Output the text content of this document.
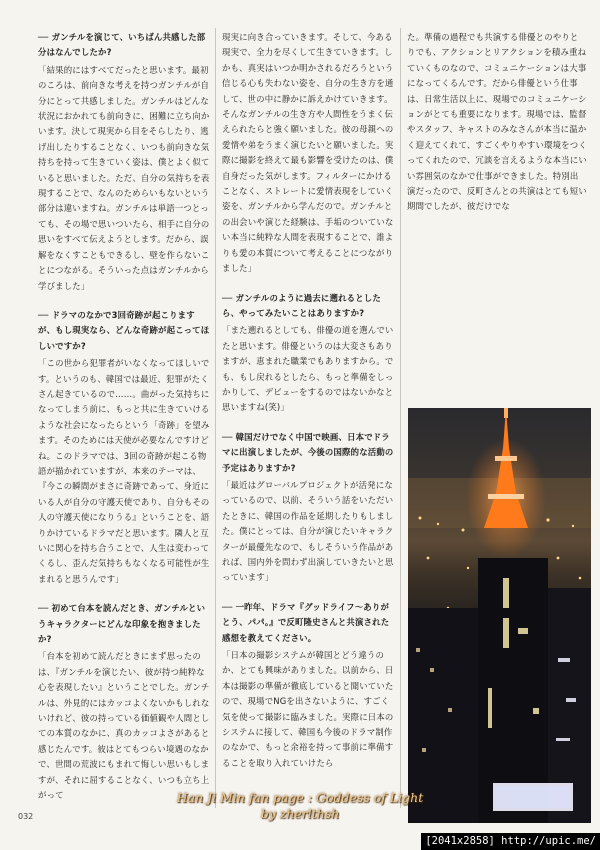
── ガンチルを演じて、いちばん共感した部分はなんでしたか?

「結果的にはすべてだったと思います。最初のころは、前向きな考えを持つガンチルが自分にとって共感しました。ガンチルはどんな状況におかれても前向きに、困難に立ち向かいます。決して現実から目をそらしたり、逃げ出したりすることなく、いつも前向きな気持ちを持って生きていく姿は、僕とよく似ていると思いました。ただ、自分の気持ちを表現することで、なんのためらいもないという部分は違いますね。ガンチルは単語一つとっても、その場で思いついたら、相手に自分の思いをすべて伝えようとします。だから、誤解をなくすこともできるし、壁を作らないことにつながる。そういった点はガンチルから学びました」

── ドラマのなかで3回奇跡が起こりますが、もし現実なら、どんな奇跡が起こってほしいですか?

「この世から犯罪者がいなくなってほしいです。というのも、韓国では最近、犯罪がたくさん起きているので……。曲がった気持ちになってしまう前に、もっと共に生きていけるような社会になったらという「奇跡」を望みます。そのためには天使が必要なんですけどね。このドラマでは、3回の奇跡が起こる物語が描かれていますが、本来のテーマは、『今この瞬間がまさに奇跡であって、身近にいる人が自分の守護天使であり、自分もその人の守護天使になりうる』ということを、語りかけているドラマだと思います。隣人と互いに関心を持ち合うことで、人生は変わってくるし、歪んだ気持ちもなくなる可能性が生まれると思うんです」

── 初めて台本を読んだとき、ガンチルというキャラクターにどんな印象を抱きましたか?

「台本を初めて読んだときにまず思ったのは、『ガンチルを演じたい、彼が持つ純粋な心を表現したい』ということでした。ガンチルは、外見的にはカッコよくないかもしれないけれど、彼の持っている価値観や人間としての本質のなかに、真のカッコよさがあると感じたんです。彼はとてもつらい境遇のなかで、世間の荒波にもまれて悔しい思いもしますが、それに屈することなく、いつも立ち上がって

現実に向き合っていきます。そして、今ある現実で、全力を尽くして生きていきます。しかも、真実はいつか明かされるだろうという信じる心も失わない姿を、自分の生き方を通して、世の中に静かに訴えかけていきます。そんなガンチルの生き方や人間性をうまく伝えられたらと強く願いました。彼の母親への愛情や弟をうまく演じたいと願いました。実際に撮影を終えて最も影響を受けたのは、僕自身だった気がします。フィルターにかけることなく、ストレートに愛情表現をしていく姿を、ガンチルから学んだので。ガンチルとの出会いや演じた経験は、手垢のついていない本当に純粋な人間を表現することで、誰よりも愛の本質について考えることにつながりました」

── ガンチルのように過去に遡れるとしたら、やってみたいことはありますか?

「また遡れるとしても、俳優の道を選んでいたと思います。俳優というのは大変さもありますが、恵まれた職業でもありますから。でも、もし戻れるとしたら、もっと準備をしっかりして、デビューをするのではないかなと思いますね(笑)」

── 韓国だけでなく中国で映画、日本でドラマに出演しましたが、今後の国際的な活動の予定はありますか?

「最近はグローバルプロジェクトが活発になっているので、以前、そういう話をいただいたときに、韓国の作品を延期したりもしました。僕にとっては、自分が演じたいキャラクターが最優先なので、もしそういう作品があれば、国内外を問わず出演していきたいと思っています」

── 一昨年、ドラマ『グッドライフ〜ありがとう、パパ。』で反町隆史さんと共演された感想を教えてください。

「日本の撮影システムが韓国とどう違うのか、とても興味がありました。以前から、日本は撮影の準備が徹底していると聞いていたので、現場でNGを出さないように、すごく気を使って撮影に臨みました。実際に日本のシステムに接して、韓国も今後のドラマ制作のなかで、もっと余裕を持って事前に準備することを取り入れていけたら

た。準備の過程でも共演する俳優とのやりとりでも、アクションとリアクションを積み重ねていくものなので、コミュニケーションは大事になってくるんです。だから俳優という仕事は、日常生活以上に、現場でのコミュニケーションがとても重要になります。現場では、監督やスタッフ、キャストのみなさんが本当に温かく迎えてくれて、すごくやりやすい環境をつくってくれたので、冗談を言えるような本当にいい雰囲気のなかで仕事ができました。特別出演だったので、反町さんとの共演はとても短い期間でしたが、彼だけでな

032
Han Ji Min fan page : Goddess of Light
by zherlthsh
[2041x2858] http://upic.me/
